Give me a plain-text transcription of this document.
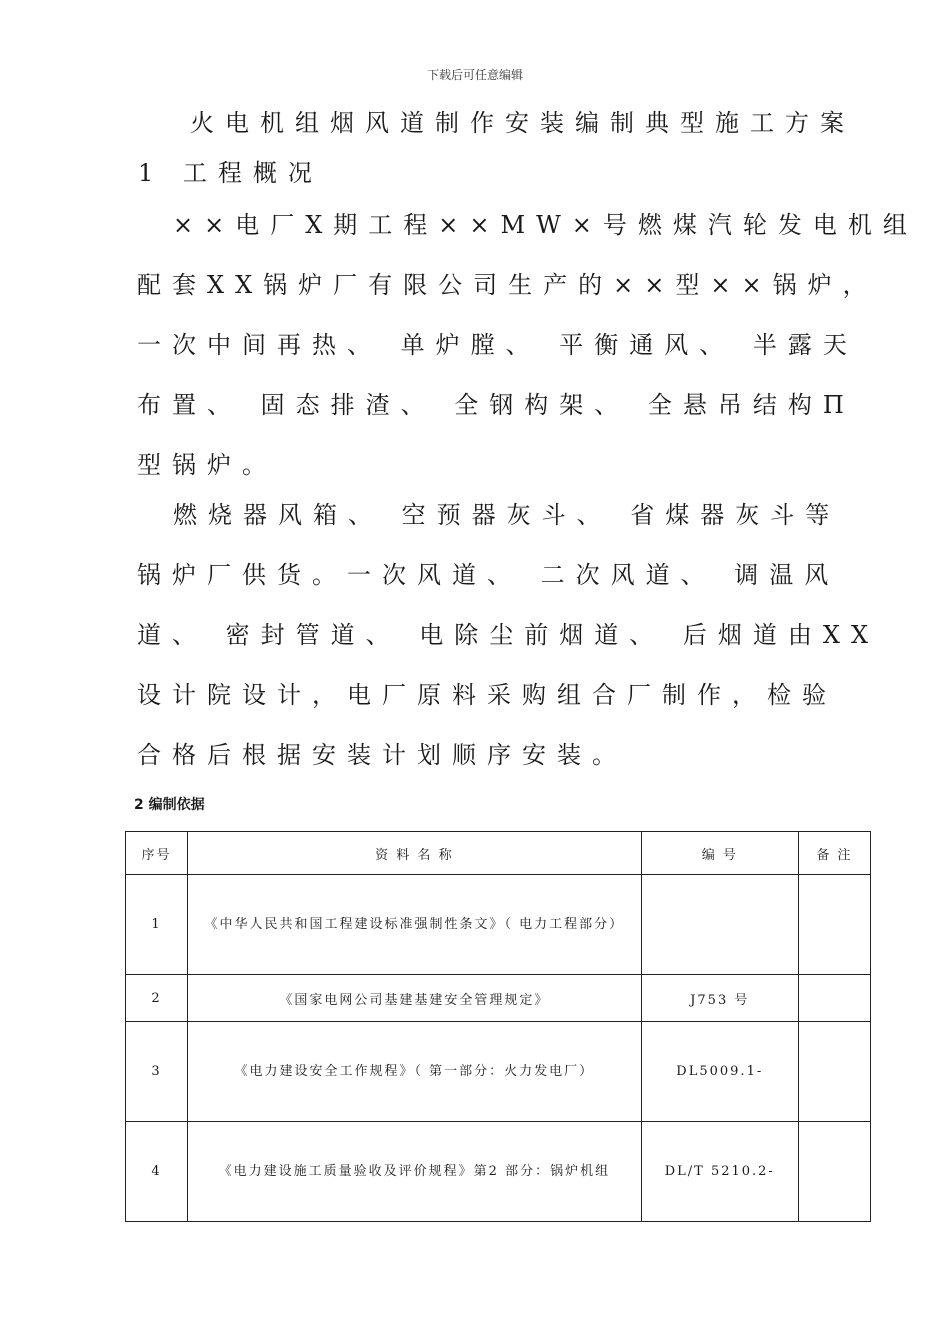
下载后可任意编辑
火电机组烟风道制作安装编制典型施工方案
1 工程概况
××电厂X期工程××MW×号燃煤汽轮发电机组
配套XX锅炉厂有限公司生产的××型××锅炉，
一次中间再热、 单炉膛、 平衡通风、 半露天
布置、 固态排渣、 全钢构架、 全悬吊结构Π
型锅炉。
燃烧器风箱、 空预器灰斗、 省煤器灰斗等
锅炉厂供货。一次风道、 二次风道、 调温风
道、 密封管道、 电除尘前烟道、 后烟道由XX
设计院设计，电厂原料采购组合厂制作，检验
合格后根据安装计划顺序安装。
2 编制依据
序号	资 料 名 称	编 号	备 注
1	《中华人民共和国工程建设标准强制性条文》（ 电力工程部分）		
2	《国家电网公司基建基建安全管理规定》	J753 号	
3	《电力建设安全工作规程》（ 第一部分：火力发电厂）	DL5009.1-	
4	《电力建设施工质量验收及评价规程》第2 部分：锅炉机组	DL/T 5210.2-	
